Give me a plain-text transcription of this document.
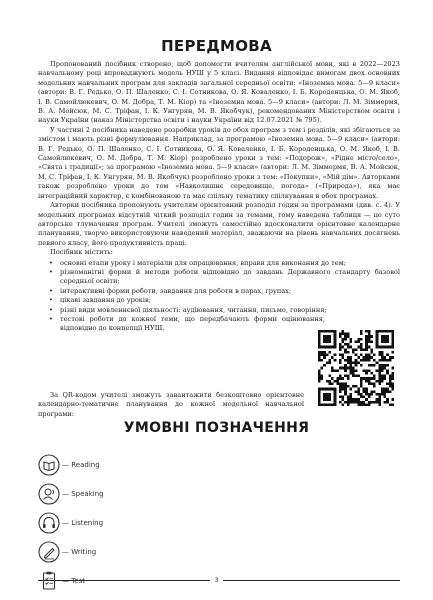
ПЕРЕДМОВА

Пропонований посібник створено, щоб допомогти вчителям англійської мови, які в 2022—2023 навчальному році впроваджують модель НУШ у 5 класі. Видання відповідає вимогам двох основних модельних навчальних програм для закладів загальної середньої освіти: «Іноземна мова. 5—9 класи» (автори: В. Г. Редько, О. П. Шаленко, С. І. Сотникова, О. Я. Коваленко, І. Б. Короденцька, О. М. Якоб, І. В. Самойлюкевич, О. М. Добра, Т. М. Кіор) та «Іноземна мова. 5—9 класи» (автори: Л. М. Зіммермя, В. А. Мойсюк, М. С. Тріфан, І. К. Унгурян, М. В. Якобчук), рекомендованих Міністерством освіти і науки України (наказ Міністерства освіти і науки України від 12.07.2021 № 795).

У частині 2 посібника наведено розробки уроків до обох програм з тем і розділів, які збігаються за змістом і мають різні формулювання. Наприклад, за програмою «Іноземна мова. 5—9 класи» (автори: В. Г. Редько, О. П. Шаленко, С. І. Сотникова, О. Я. Коваленко, І. Б. Короденцька, О. М. Якоб, І. В. Самойлюкевич, О. М. Добра, Т. М. Кіор) розроблено уроки з тем: «Подорож», «Рідне місто/село», «Свята і традиції»; за програмою «Іноземна мова. 5—9 класи» (автори: Л. М. Зіммермя, В. А. Мойсюк, М. С. Тріфан, І. К. Унгурян, М. В. Якобчук) розроблено уроки з тем: «Покупки», «Мій дім». Авторками також розроблено уроки до тем «Навколишнє середовище, погода» («Природа»), яка має інтеграційний характер, є комбінованою та має спільну тематику спілкування в обох програмах.

Авторки посібника пропонують учителям орієнтовний розподіл годин за програмами (див. с. 4). У модельних програмах відсутній чіткий розподіл годин за темами, тому наведена таблиця — це суто авторське тлумачення програм. Учителі зможуть самостійно вдосконалити орієнтовне календарне планування, творчо використовуючи наведений матеріал, зважаючи на рівень навчальних досягнень певного класу, його продуктивність праці.

Посібник містить:

• основні етапи уроку і матеріали для опрацювання, вправи для виконання до тем;
• різноманітні форми й методи роботи відповідно до завдань Державного стандарту базової середньої освіти;
• інтерактивні форми роботи, завдання для роботи в парах, групах;
• цікаві завдання до уроків;
• різні види мовленнєвої діяльності: аудіювання, читання, письмо, говоріння;
• тестові роботи до кожної теми, що передбачають форми оцінювання, відповідно до концепції НУШ.

За QR-кодом учителі зможуть завантажити безкоштовно орієнтовне календарно-тематичне планування до кожної модельної навчальної програми:

УМОВНІ ПОЗНАЧЕННЯ
— Reading
— Speaking
— Listening
— Writing
— Test	3
